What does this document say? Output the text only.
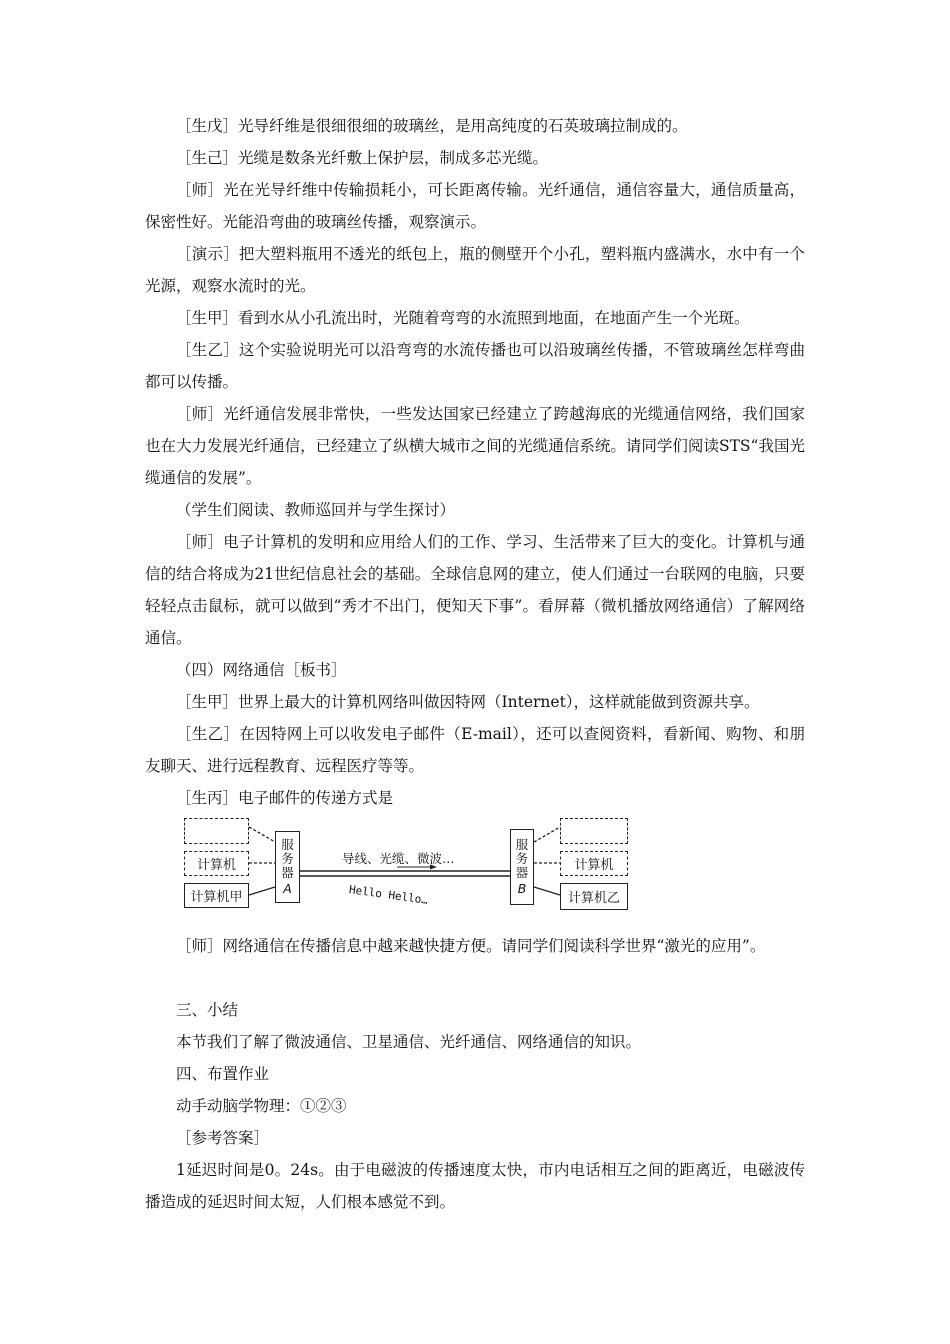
［生戊］光导纤维是很细很细的玻璃丝，是用高纯度的石英玻璃拉制成的。

［生己］光缆是数条光纤敷上保护层，制成多芯光缆。

［师］光在光导纤维中传输损耗小，可长距离传输。光纤通信，通信容量大，通信质量高，保密性好。光能沿弯曲的玻璃丝传播，观察演示。

［演示］把大塑料瓶用不透光的纸包上，瓶的侧壁开个小孔，塑料瓶内盛满水，水中有一个光源，观察水流时的光。

［生甲］看到水从小孔流出时，光随着弯弯的水流照到地面，在地面产生一个光斑。

［生乙］这个实验说明光可以沿弯弯的水流传播也可以沿玻璃丝传播，不管玻璃丝怎样弯曲都可以传播。

［师］光纤通信发展非常快，一些发达国家已经建立了跨越海底的光缆通信网络，我们国家也在大力发展光纤通信，已经建立了纵横大城市之间的光缆通信系统。请同学们阅读STS“我国光缆通信的发展”。

（学生们阅读、教师巡回并与学生探讨）

［师］电子计算机的发明和应用给人们的工作、学习、生活带来了巨大的变化。计算机与通信的结合将成为21世纪信息社会的基础。全球信息网的建立，使人们通过一台联网的电脑，只要轻轻点击鼠标，就可以做到“秀才不出门，便知天下事”。看屏幕（微机播放网络通信）了解网络通信。

（四）网络通信［板书］

［生甲］世界上最大的计算机网络叫做因特网（Internet），这样就能做到资源共享。

［生乙］在因特网上可以收发电子邮件（E-mail），还可以查阅资料，看新闻、购物、和朋友聊天、进行远程教育、远程医疗等等。

［生丙］电子邮件的传递方式是

计算机
计算机甲
服务器
A
导线、光缆、微波…
Hello Hello…
服务器
B
计算机
计算机乙

［师］网络通信在传播信息中越来越快捷方便。请同学们阅读科学世界“激光的应用”。

三、小结

本节我们了解了微波通信、卫星通信、光纤通信、网络通信的知识。

四、布置作业

动手动脑学物理：①②③

［参考答案］

1延迟时间是0。24s。由于电磁波的传播速度太快，市内电话相互之间的距离近，电磁波传播造成的延迟时间太短，人们根本感觉不到。
